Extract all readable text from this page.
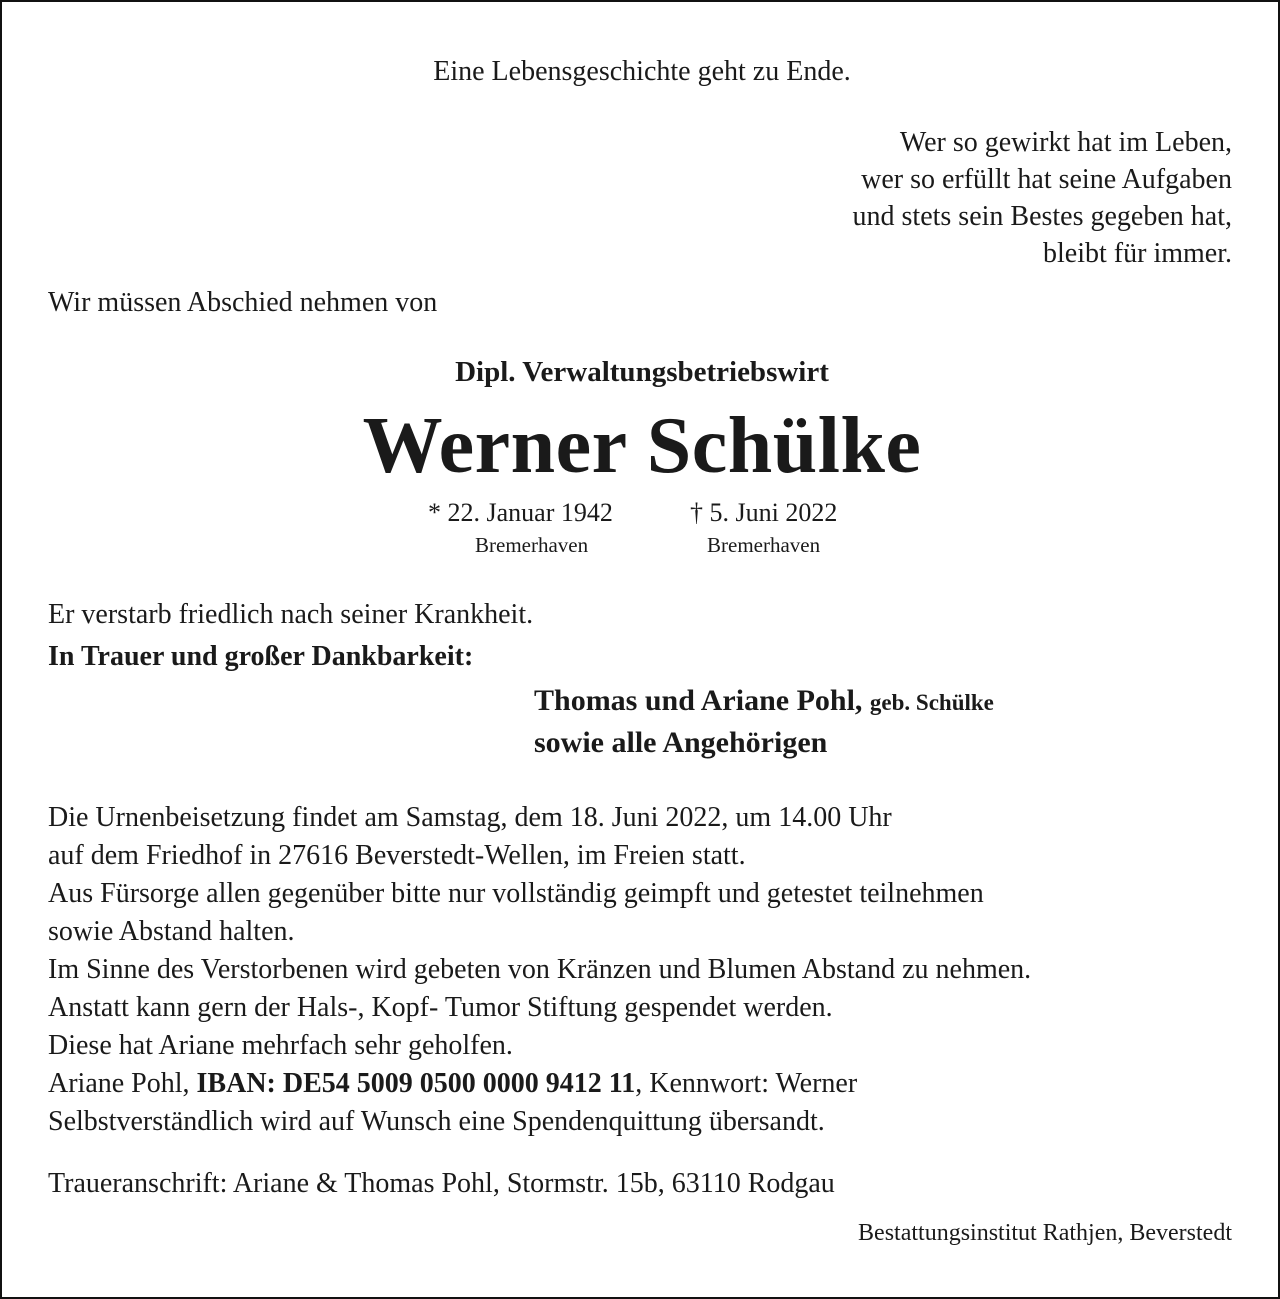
Eine Lebensgeschichte geht zu Ende.
Wer so gewirkt hat im Leben,
wer so erfüllt hat seine Aufgaben
und stets sein Bestes gegeben hat,
bleibt für immer.
Wir müssen Abschied nehmen von
Dipl. Verwaltungsbetriebswirt
Werner Schülke
* 22. Januar 1942	† 5. Juni 2022
Bremerhaven	Bremerhaven
Er verstarb friedlich nach seiner Krankheit.
In Trauer und großer Dankbarkeit:
Thomas und Ariane Pohl, geb. Schülke
sowie alle Angehörigen
Die Urnenbeisetzung findet am Samstag, dem 18. Juni 2022, um 14.00 Uhr
auf dem Friedhof in 27616 Beverstedt-Wellen, im Freien statt.
Aus Fürsorge allen gegenüber bitte nur vollständig geimpft und getestet teilnehmen
sowie Abstand halten.
Im Sinne des Verstorbenen wird gebeten von Kränzen und Blumen Abstand zu nehmen.
Anstatt kann gern der Hals-, Kopf- Tumor Stiftung gespendet werden.
Diese hat Ariane mehrfach sehr geholfen.
Ariane Pohl, IBAN: DE54 5009 0500 0000 9412 11, Kennwort: Werner
Selbstverständlich wird auf Wunsch eine Spendenquittung übersandt.
Traueranschrift: Ariane & Thomas Pohl, Stormstr. 15b, 63110 Rodgau
Bestattungsinstitut Rathjen, Beverstedt
